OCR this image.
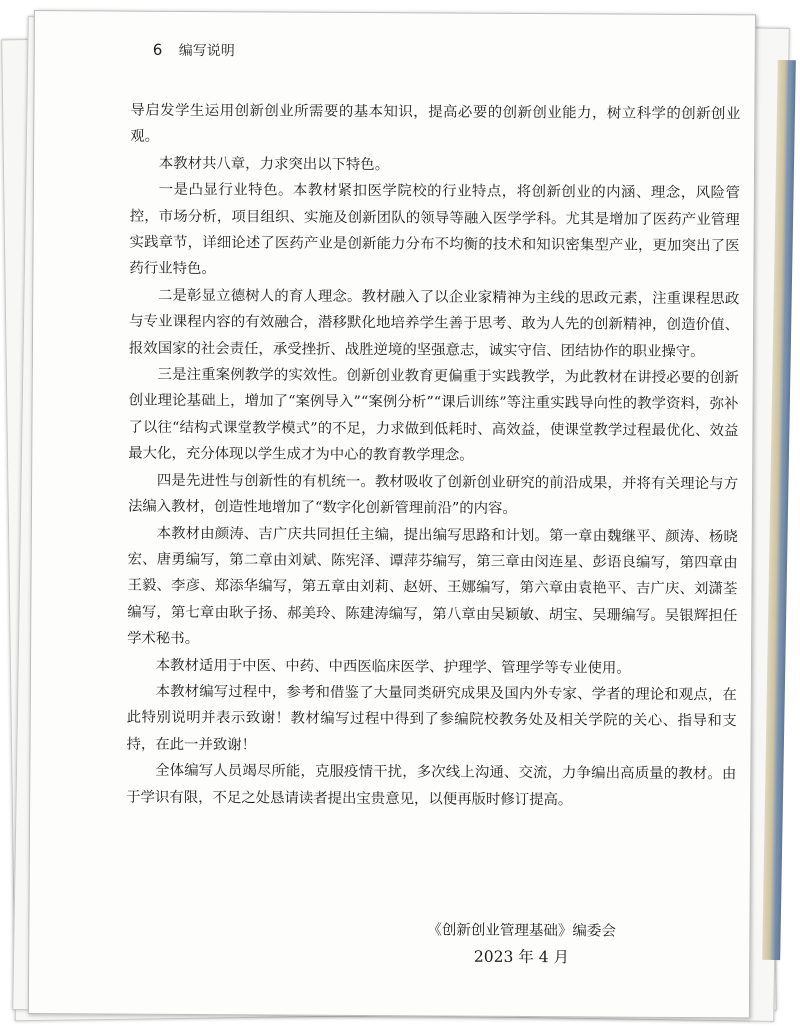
6 编写说明

导启发学生运用创新创业所需要的基本知识，提高必要的创新创业能力，树立科学的创新创业观。

本教材共八章，力求突出以下特色。

一是凸显行业特色。本教材紧扣医学院校的行业特点，将创新创业的内涵、理念，风险管控，市场分析，项目组织、实施及创新团队的领导等融入医学学科。尤其是增加了医药产业管理实践章节，详细论述了医药产业是创新能力分布不均衡的技术和知识密集型产业，更加突出了医药行业特色。

二是彰显立德树人的育人理念。教材融入了以企业家精神为主线的思政元素，注重课程思政与专业课程内容的有效融合，潜移默化地培养学生善于思考、敢为人先的创新精神，创造价值、报效国家的社会责任，承受挫折、战胜逆境的坚强意志，诚实守信、团结协作的职业操守。

三是注重案例教学的实效性。创新创业教育更偏重于实践教学，为此教材在讲授必要的创新创业理论基础上，增加了“案例导入”“案例分析”“课后训练”等注重实践导向性的教学资料，弥补了以往“结构式课堂教学模式”的不足，力求做到低耗时、高效益，使课堂教学过程最优化、效益最大化，充分体现以学生成才为中心的教育教学理念。

四是先进性与创新性的有机统一。教材吸收了创新创业研究的前沿成果，并将有关理论与方法编入教材，创造性地增加了“数字化创新管理前沿”的内容。

本教材由颜涛、吉广庆共同担任主编，提出编写思路和计划。第一章由魏继平、颜涛、杨晓宏、唐勇编写，第二章由刘斌、陈宪泽、谭萍芬编写，第三章由闵连星、彭语良编写，第四章由王毅、李彦、郑添华编写，第五章由刘莉、赵妍、王娜编写，第六章由袁艳平、吉广庆、刘潇荃编写，第七章由耿子扬、郝美玲、陈建涛编写，第八章由吴颖敏、胡宝、吴珊编写。吴银辉担任学术秘书。

本教材适用于中医、中药、中西医临床医学、护理学、管理学等专业使用。

本教材编写过程中，参考和借鉴了大量同类研究成果及国内外专家、学者的理论和观点，在此特别说明并表示致谢！教材编写过程中得到了参编院校教务处及相关学院的关心、指导和支持，在此一并致谢！

全体编写人员竭尽所能，克服疫情干扰，多次线上沟通、交流，力争编出高质量的教材。由于学识有限，不足之处恳请读者提出宝贵意见，以便再版时修订提高。

《创新创业管理基础》编委会
2023 年 4 月
